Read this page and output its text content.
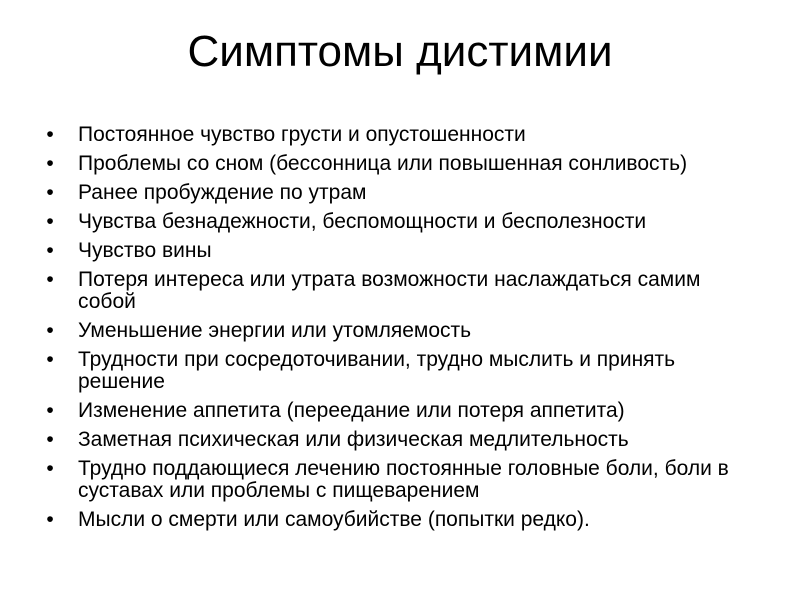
Симптомы дистимии
•	Постоянное чувство грусти и опустошенности
•	Проблемы со сном (бессонница или повышенная сонливость)
•	Ранее пробуждение по утрам
•	Чувства безнадежности, беспомощности и бесполезности
•	Чувство вины
•	Потеря интереса или утрата возможности наслаждаться самим собой
•	Уменьшение энергии или утомляемость
•	Трудности при сосредоточивании, трудно мыслить и принять решение
•	Изменение аппетита (переедание или потеря аппетита)
•	Заметная психическая или физическая медлительность
•	Трудно поддающиеся лечению постоянные головные боли, боли в суставах или проблемы с пищеварением
•	Мысли о смерти или самоубийстве (попытки редко).
